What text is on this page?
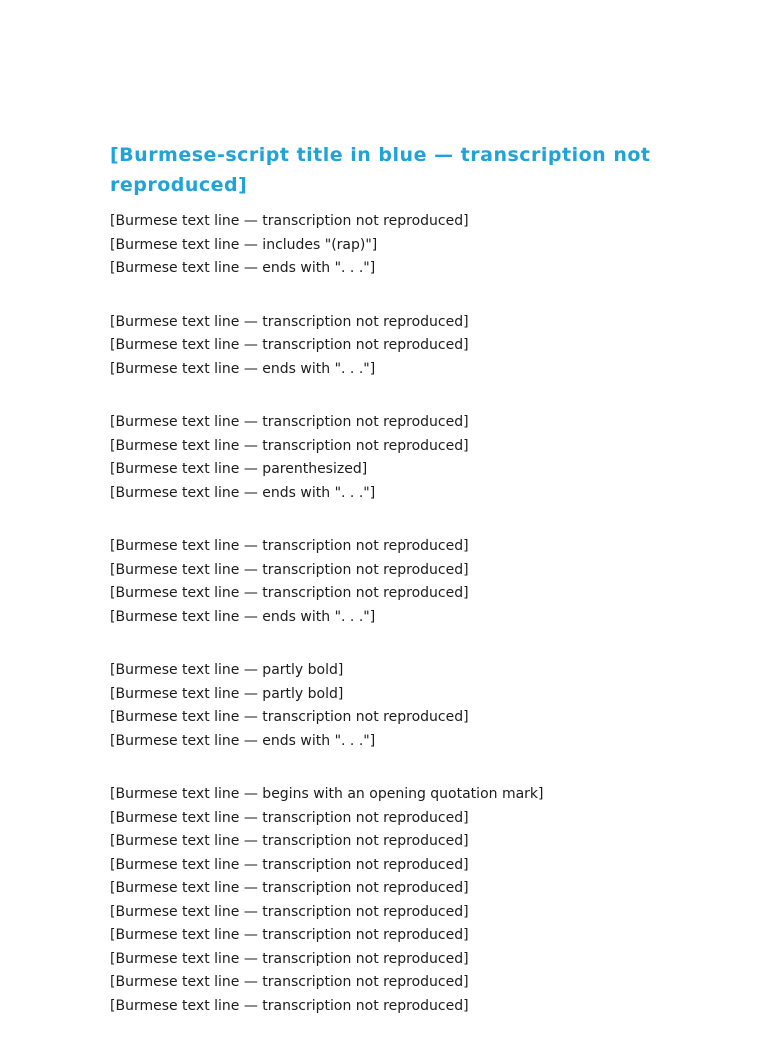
[Burmese-script title in blue — transcription not reproduced]
[Burmese text line — transcription not reproduced]
[Burmese text line — includes "(rap)"]
[Burmese text line — ends with ". . ."]
[Burmese text line — transcription not reproduced]
[Burmese text line — transcription not reproduced]
[Burmese text line — ends with ". . ."]
[Burmese text line — transcription not reproduced]
[Burmese text line — transcription not reproduced]
[Burmese text line — parenthesized]
[Burmese text line — ends with ". . ."]
[Burmese text line — transcription not reproduced]
[Burmese text line — transcription not reproduced]
[Burmese text line — transcription not reproduced]
[Burmese text line — ends with ". . ."]
[Burmese text line — partly bold]
[Burmese text line — partly bold]
[Burmese text line — transcription not reproduced]
[Burmese text line — ends with ". . ."]
[Burmese text line — begins with an opening quotation mark]
[Burmese text line — transcription not reproduced]
[Burmese text line — transcription not reproduced]
[Burmese text line — transcription not reproduced]
[Burmese text line — transcription not reproduced]
[Burmese text line — transcription not reproduced]
[Burmese text line — transcription not reproduced]
[Burmese text line — transcription not reproduced]
[Burmese text line — transcription not reproduced]
[Burmese text line — transcription not reproduced]
